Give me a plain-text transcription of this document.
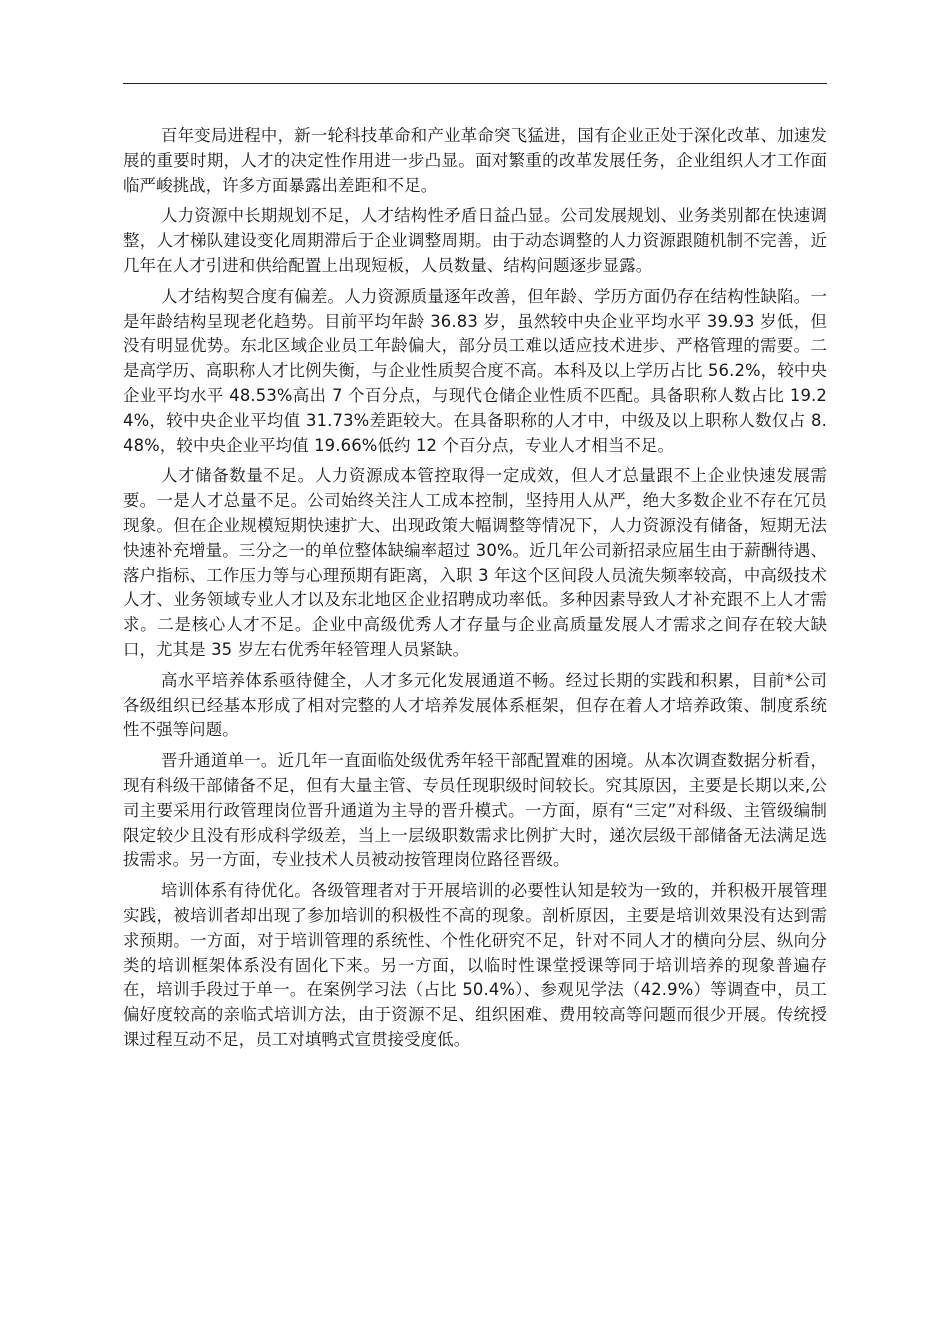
百年变局进程中，新一轮科技革命和产业革命突飞猛进，国有企业正处于深化改革、加速发展的重要时期，人才的决定性作用进一步凸显。面对繁重的改革发展任务，企业组织人才工作面临严峻挑战，许多方面暴露出差距和不足。

人力资源中长期规划不足，人才结构性矛盾日益凸显。公司发展规划、业务类别都在快速调整，人才梯队建设变化周期滞后于企业调整周期。由于动态调整的人力资源跟随机制不完善，近几年在人才引进和供给配置上出现短板，人员数量、结构问题逐步显露。

人才结构契合度有偏差。人力资源质量逐年改善，但年龄、学历方面仍存在结构性缺陷。一是年龄结构呈现老化趋势。目前平均年龄 36.83 岁，虽然较中央企业平均水平 39.93 岁低，但没有明显优势。东北区域企业员工年龄偏大，部分员工难以适应技术进步、严格管理的需要。二是高学历、高职称人才比例失衡，与企业性质契合度不高。本科及以上学历占比 56.2%，较中央企业平均水平 48.53%高出 7 个百分点，与现代仓储企业性质不匹配。具备职称人数占比 19.24%，较中央企业平均值 31.73%差距较大。在具备职称的人才中，中级及以上职称人数仅占 8.48%，较中央企业平均值 19.66%低约 12 个百分点，专业人才相当不足。

人才储备数量不足。人力资源成本管控取得一定成效，但人才总量跟不上企业快速发展需要。一是人才总量不足。公司始终关注人工成本控制，坚持用人从严，绝大多数企业不存在冗员现象。但在企业规模短期快速扩大、出现政策大幅调整等情况下，人力资源没有储备，短期无法快速补充增量。三分之一的单位整体缺编率超过 30%。近几年公司新招录应届生由于薪酬待遇、落户指标、工作压力等与心理预期有距离，入职 3 年这个区间段人员流失频率较高，中高级技术人才、业务领域专业人才以及东北地区企业招聘成功率低。多种因素导致人才补充跟不上人才需求。二是核心人才不足。企业中高级优秀人才存量与企业高质量发展人才需求之间存在较大缺口，尤其是 35 岁左右优秀年轻管理人员紧缺。

高水平培养体系亟待健全，人才多元化发展通道不畅。经过长期的实践和积累，目前*公司各级组织已经基本形成了相对完整的人才培养发展体系框架，但存在着人才培养政策、制度系统性不强等问题。

晋升通道单一。近几年一直面临处级优秀年轻干部配置难的困境。从本次调查数据分析看，现有科级干部储备不足，但有大量主管、专员任现职级时间较长。究其原因，主要是长期以来,公司主要采用行政管理岗位晋升通道为主导的晋升模式。一方面，原有“三定”对科级、主管级编制限定较少且没有形成科学级差，当上一层级职数需求比例扩大时，递次层级干部储备无法满足选拔需求。另一方面，专业技术人员被动按管理岗位路径晋级。

培训体系有待优化。各级管理者对于开展培训的必要性认知是较为一致的，并积极开展管理实践，被培训者却出现了参加培训的积极性不高的现象。剖析原因，主要是培训效果没有达到需求预期。一方面，对于培训管理的系统性、个性化研究不足，针对不同人才的横向分层、纵向分类的培训框架体系没有固化下来。另一方面，以临时性课堂授课等同于培训培养的现象普遍存在，培训手段过于单一。在案例学习法（占比 50.4%）、参观见学法（42.9%）等调查中，员工偏好度较高的亲临式培训方法，由于资源不足、组织困难、费用较高等问题而很少开展。传统授课过程互动不足，员工对填鸭式宣贯接受度低。
